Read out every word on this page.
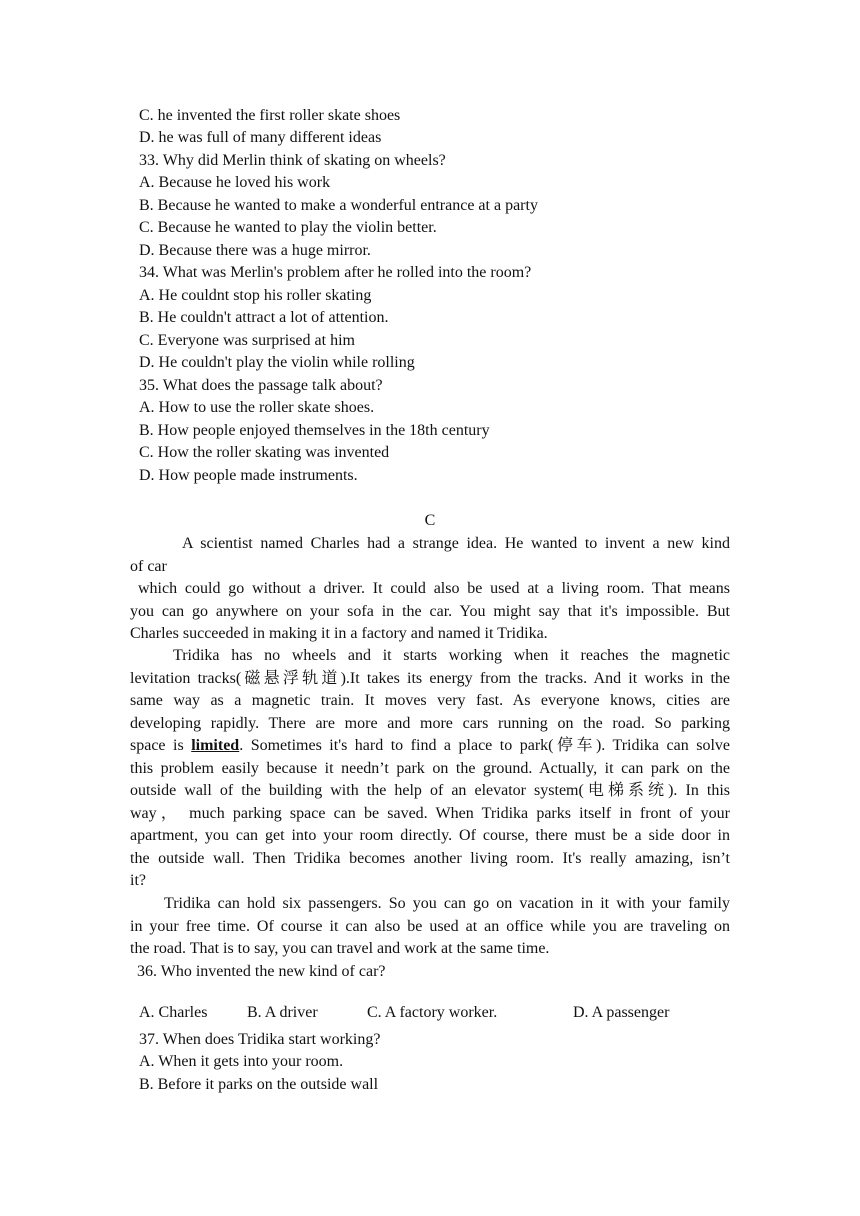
C. he invented the first roller skate shoes
D. he was full of many different ideas
33. Why did Merlin think of skating on wheels?
A. Because he loved his work
B. Because he wanted to make a wonderful entrance at a party
C. Because he wanted to play the violin better.
D. Because there was a huge mirror.
34. What was Merlin's problem after he rolled into the room?
A. He couldnt stop his roller skating
B. He couldn't attract a lot of attention.
C. Everyone was surprised at him
D. He couldn't play the violin while rolling
35. What does the passage talk about?
A. How to use the roller skate shoes.
B. How people enjoyed themselves in the 18th century
C. How the roller skating was invented
D. How people made instruments.
C
A scientist named Charles had a strange idea. He wanted to invent a new kind
of car
which could go without a driver. It could also be used at a living room. That means
you can go anywhere on your sofa in the car. You might say that it's impossible. But
Charles succeeded in making it in a factory and named it Tridika.
Tridika has no wheels and it starts working when it reaches the magnetic
levitation tracks(磁悬浮轨道).It takes its energy from the tracks. And it works in the
same way as a magnetic train. It moves very fast. As everyone knows, cities are
developing rapidly. There are more and more cars running on the road. So parking
space is limited. Sometimes it's hard to find a place to park(停车). Tridika can solve
this problem easily because it needn’t park on the ground. Actually, it can park on the
outside wall of the building with the help of an elevator system(电梯系统). In this
way， much parking space can be saved. When Tridika parks itself in front of your
apartment, you can get into your room directly. Of course, there must be a side door in
the outside wall. Then Tridika becomes another living room. It's really amazing, isn’t
it?
Tridika can hold six passengers. So you can go on vacation in it with your family
in your free time. Of course it can also be used at an office while you are traveling on
the road. That is to say, you can travel and work at the same time.
36. Who invented the new kind of car?
A. Charles B. A driver	C. A factory worker.	D. A passenger
37. When does Tridika start working?
A. When it gets into your room.
B. Before it parks on the outside wall
